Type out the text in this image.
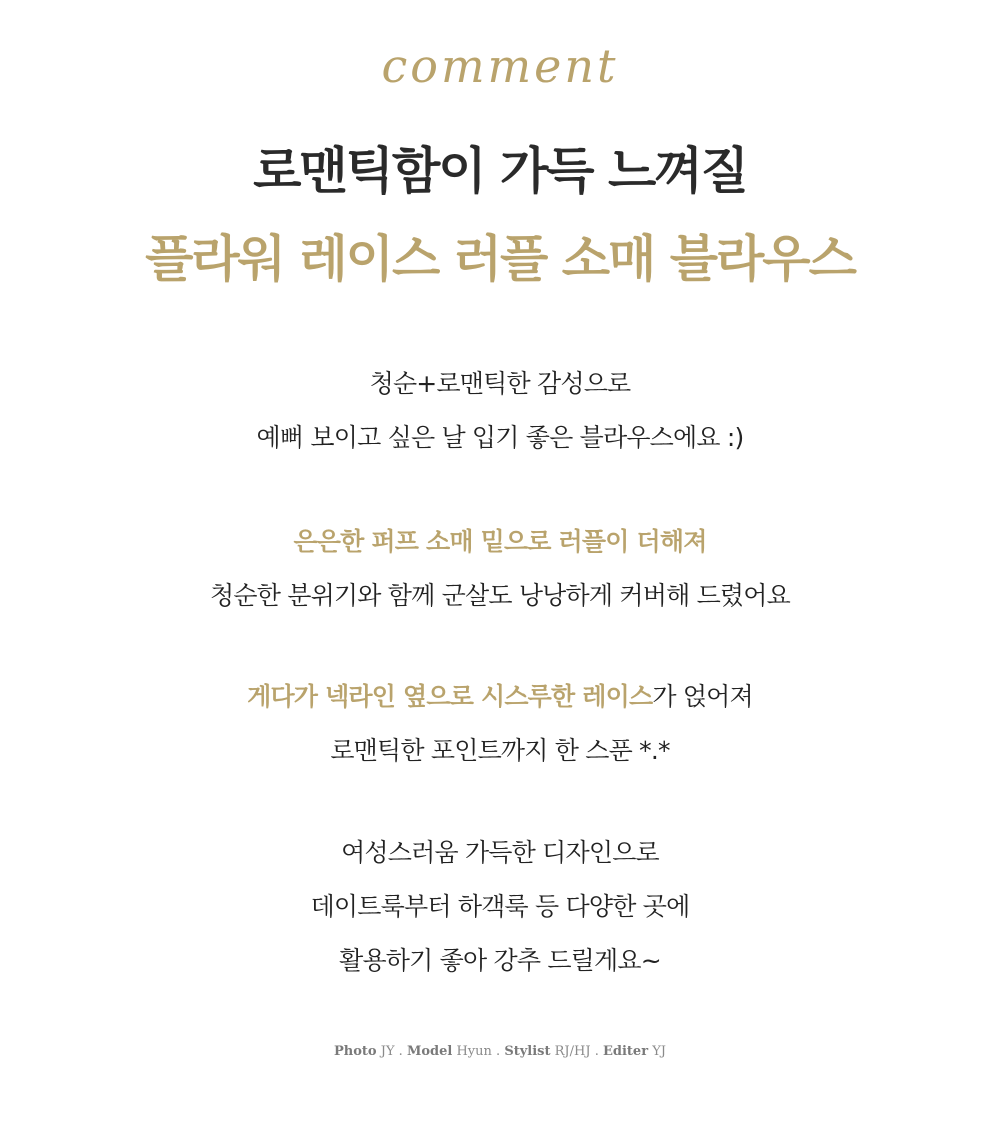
comment
로맨틱함이 가득 느껴질
플라워 레이스 러플 소매 블라우스
청순+로맨틱한 감성으로
예뻐 보이고 싶은 날 입기 좋은 블라우스에요 :)
은은한 퍼프 소매 밑으로 러플이 더해져
청순한 분위기와 함께 군살도 낭낭하게 커버해 드렸어요
게다가 넥라인 옆으로 시스루한 레이스가 얹어져
로맨틱한 포인트까지 한 스푼 *.*
여성스러움 가득한 디자인으로
데이트룩부터 하객룩 등 다양한 곳에
활용하기 좋아 강추 드릴게요~
Photo JY . Model Hyun . Stylist RJ/HJ . Editer YJ
